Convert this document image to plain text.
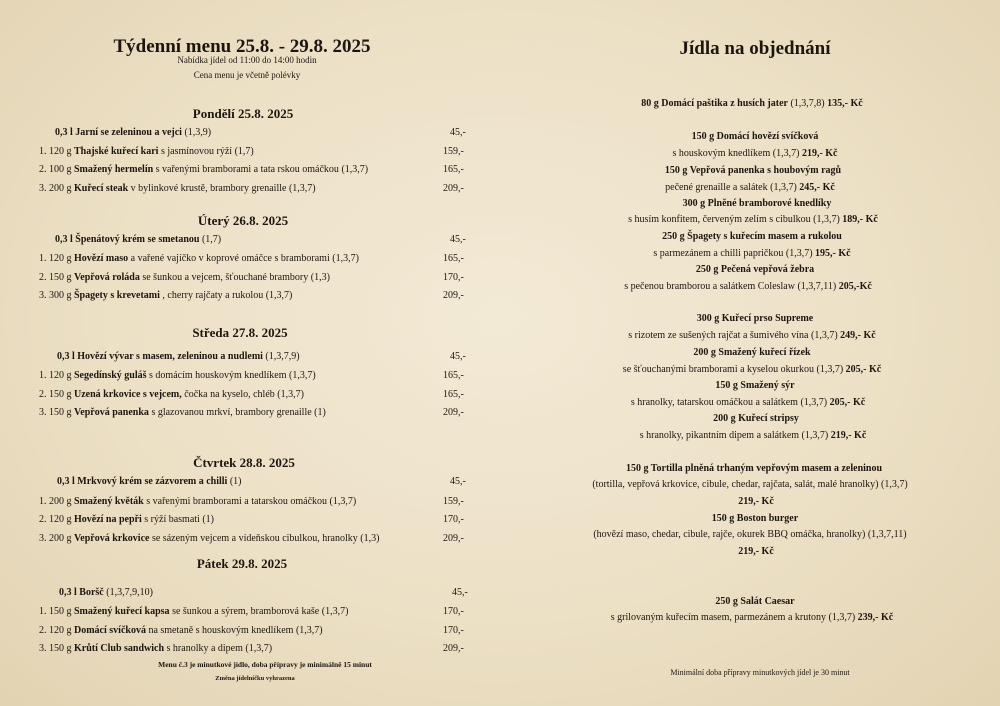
Týdenní menu 25.8. - 29.8. 2025
Nabídka jídel od 11:00 do 14:00 hodin
Cena menu je včetně polévky
Pondělí 25.8. 2025
0,3 l Jarní se zeleninou a vejci (1,3,9)	45,-
1. 120 g Thajské kuřecí kari s jasmínovou rýží (1,7)	159,-
2. 100 g Smažený hermelín s vařenými bramborami a tata rskou omáčkou (1,3,7)	165,-
3. 200 g Kuřecí steak v bylinkové krustě, brambory grenaille (1,3,7)	209,-
Úterý 26.8. 2025
0,3 l Špenátový krém se smetanou (1,7)	45,-
1. 120 g Hovězí maso a vařené vajíčko v koprové omáčce s bramborami (1,3,7)	165,-
2. 150 g Vepřová roláda se šunkou a vejcem, šťouchané brambory (1,3)	170,-
3. 300 g Špagety s krevetami , cherry rajčaty a rukolou (1,3,7)	209,-
Středa 27.8. 2025
0,3 l Hovězí vývar s masem, zeleninou a nudlemi (1,3,7,9)	45,-
1. 120 g Segedínský guláš s domácím houskovým knedlíkem (1,3,7)	165,-
2. 150 g Uzená krkovice s vejcem, čočka na kyselo, chléb (1,3,7)	165,-
3. 150 g Vepřová panenka s glazovanou mrkví, brambory grenaille (1)	209,-
Čtvrtek 28.8. 2025
0,3 l Mrkvový krém se zázvorem a chilli (1)	45,-
1. 200 g Smažený květák s vařenými bramborami a tatarskou omáčkou (1,3,7)	159,-
2. 120 g Hovězí na pepři s rýží basmati (1)	170,-
3. 200 g Vepřová krkovice se sázeným vejcem a vídeňskou cibulkou, hranolky (1,3)	209,-
Pátek 29.8. 2025
0,3 l Boršč (1,3,7,9,10)	45,-
1. 150 g Smažený kuřecí kapsa se šunkou a sýrem, bramborová kaše (1,3,7)	170,-
2. 120 g Domácí svíčková na smetaně s houskovým knedlíkem (1,3,7)	170,-
3. 150 g Krůtí Club sandwich s hranolky a dipem (1,3,7)	209,-
Menu č.3 je minutkové jídlo, doba přípravy je minimálně 15 minut
Změna jídelníčku vyhrazena
Jídla na objednání
80 g Domácí paštika z husích jater (1,3,7,8) 135,- Kč
150 g Domácí hovězí svíčková
s houskovým knedlíkem (1,3,7) 219,- Kč
150 g Vepřová panenka s houbovým ragů
pečené grenaille a salátek (1,3,7) 245,- Kč
300 g Plněné bramborové knedlíky
s husím konfitem, červeným zelím s cibulkou (1,3,7) 189,- Kč
250 g Špagety s kuřecím masem a rukolou
s parmezánem a chilli papričkou (1,3,7) 195,- Kč
250 g Pečená vepřová žebra
s pečenou bramborou a salátkem Coleslaw (1,3,7,11) 205,-Kč
300 g Kuřecí prso Supreme
s rizotem ze sušených rajčat a šumivého vína (1,3,7) 249,- Kč
200 g Smažený kuřecí řízek
se šťouchanými bramborami a kyselou okurkou (1,3,7) 205,- Kč
150 g Smažený sýr
s hranolky, tatarskou omáčkou a salátkem (1,3,7) 205,- Kč
200 g Kuřecí stripsy
s hranolky, pikantním dipem a salátkem (1,3,7) 219,- Kč
150 g Tortilla plněná trhaným vepřovým masem a zeleninou
(tortilla, vepřová krkovice, cibule, chedar, rajčata, salát, malé hranolky) (1,3,7)
219,- Kč
150 g Boston burger
(hovězí maso, chedar, cibule, rajče, okurek BBQ omáčka, hranolky) (1,3,7,11)
219,- Kč
250 g Salát Caesar
s grilovaným kuřecím masem, parmezánem a krutony (1,3,7) 239,- Kč
Minimální doba přípravy minutkových jídel je 30 minut
